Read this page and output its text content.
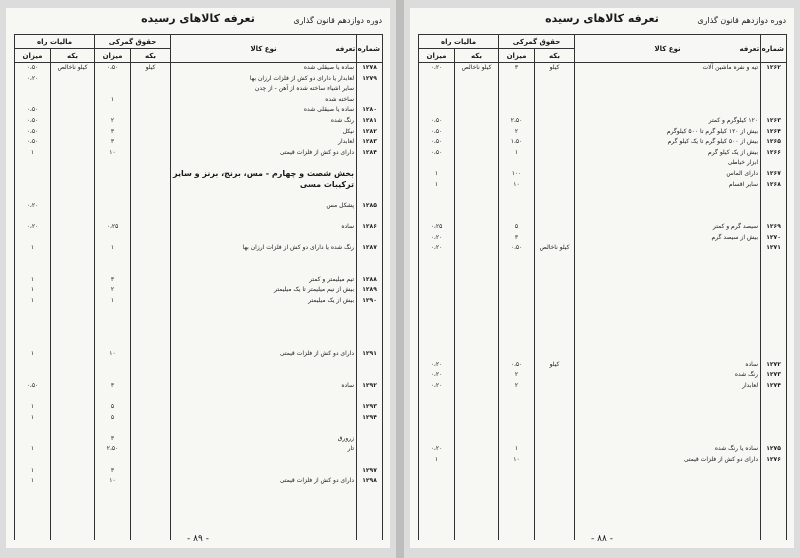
دوره دوازدهم قانون گذاری
تعرفه کالاهای رسیده
شماره تعرفه	نوع کالا	حقوق گمرکی		مالیات راه	
		بکه	میزان	بکه	میزان
۱۲۷۸	ساده یا صیقلی شده	کیلو	۰،۵۰	کیلو ناخالص	۰،۵۰
۱۲۷۹	لعابدار یا دارای دو کش از فلزات ارزان بها				۰،۲۰
	سایر اشیاء ساخته شده از آهن - از چدن				
	ساخته شده		۱		
۱۲۸۰	ساده یا صیقلی شده				۰،۵۰
۱۲۸۱	رنگ شده		۲		۰،۵۰
۱۲۸۲	نیکل		۳		۰،۵۰
۱۲۸۳	لعابدار		۳		۰،۵۰
۱۲۸۴	دارای دو کش از فلزات قیمتی		۱۰		۱

	بخش شصت و چهارم - مس، برنج، برنز و سایر				
	ترکیبات مسی				

۱۲۸۵	پشکل مس				۰،۲۰

۱۲۸۶	ساده		۰،۲۵		۰،۲۰

۱۲۸۷	رنگ شده یا دارای دو کش از فلزات ارزان بها		۱		۱

۱۲۸۸	تیم میلیمتر و کمتر		۳		۱
۱۲۸۹	بیش از نیم میلیمتر تا یک میلیمتر		۲		۱
۱۲۹۰	بیش از یک میلیمتر		۱		۱

۱۲۹۱	دارای دو کش از فلزات قیمتی		۱۰		۱

۱۲۹۲	ساده		۳		۰،۵۰

۱۲۹۳			۵		۱
۱۲۹۴			۵		۱

	زرورق		۳		
	تار		۲،۵۰		۱

۱۲۹۷			۳		۱
۱۲۹۸	دارای دو کش از فلزات قیمتی		۱۰		۱

- ۸۹ -
دوره دوازدهم قانون گذاری
تعرفه کالاهای رسیده
شماره تعرفه	نوع کالا	حقوق گمرکی		مالیات راه	
		بکه	میزان	بکه	میزان
۱۲۶۲	تیه و نفره ماشین آلات	کیلو	۳	کیلو ناخالص	۰،۲۰

۱۲۶۳	۱۲۰ کیلوگرم و کمتر		۲،۵۰		۰،۵۰
۱۲۶۴	بیش از ۱۲۰ کیلو گرم تا ۵۰۰ کیلوگرم		۲		۰،۵۰
۱۲۶۵	بیش از ۵۰۰ کیلو گرم تا یک کیلو گرم		۱،۵۰		۰،۵۰
۱۲۶۶	بیش از یک کیلو گرم		۱		۰،۵۰
	ابزار خیاطی				
۱۲۶۷	دارای الماس		۱۰۰		۱
۱۲۶۸	سایر اقسام		۱۰		۱

۱۲۶۹	سیصد گرم و کمتر		۵		۰،۲۵
۱۲۷۰	بیش از سیصد گرم		۳		۰،۲۰
۱۲۷۱		کیلو ناخالص	۰،۵۰		۰،۲۰

۱۲۷۲	ساده	کیلو	۰،۵۰		۰،۲۰
۱۲۷۳	رنگ شده		۲		۰،۲۰
۱۲۷۴	لعابدار		۲		۰،۲۰

۱۲۷۵	ساده یا رنگ شده		۱		۰،۲۰
۱۲۷۶	دارای دو کش از فلزات قیمتی		۱۰		۱

- ۸۸ -
